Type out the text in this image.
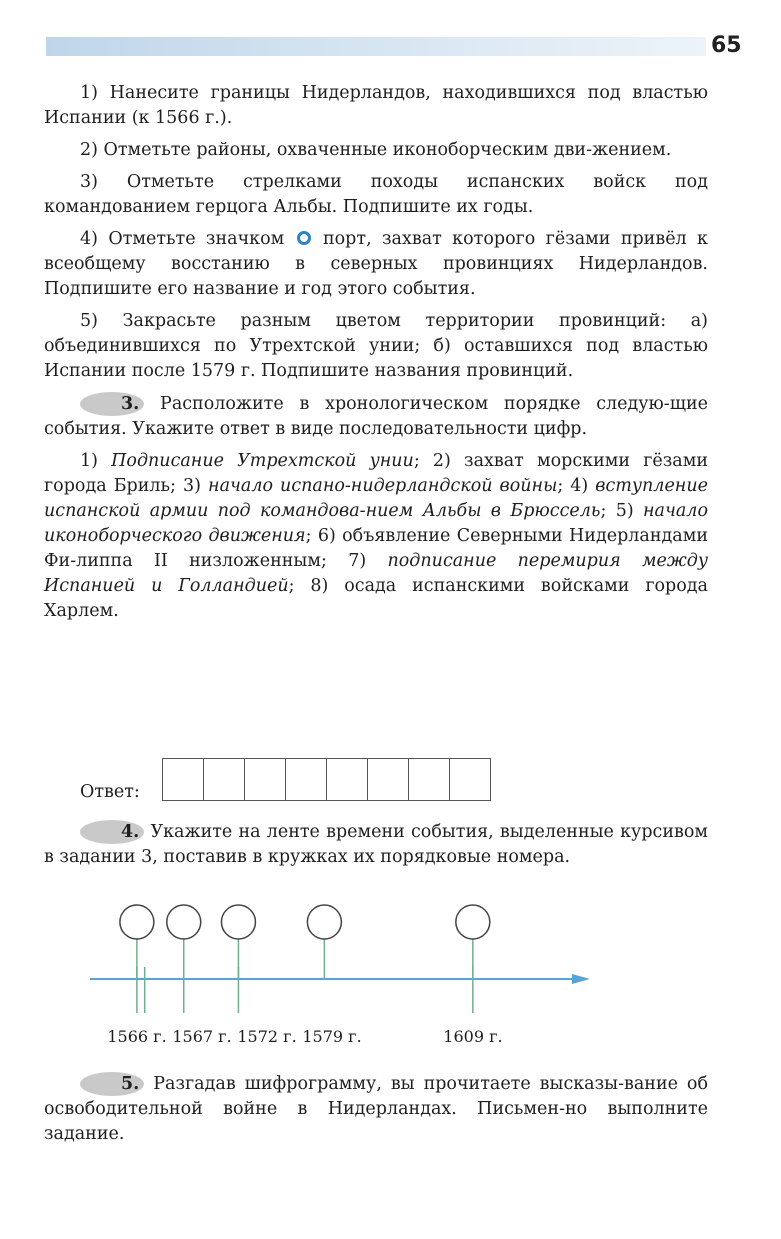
65

1) Нанесите границы Нидерландов, находившихся под властью Испании (к 1566 г.).

2) Отметьте районы, охваченные иконоборческим дви-жением.

3) Отметьте стрелками походы испанских войск под командованием герцога Альбы. Подпишите их годы.

4) Отметьте значком порт, захват которого гёзами привёл к всеобщему восстанию в северных провинциях Нидерландов. Подпишите его название и год этого события.

5) Закрасьте разным цветом территории провинций: а) объединившихся по Утрехтской унии; б) оставшихся под властью Испании после 1579 г. Подпишите названия провинций.

3. Расположите в хронологическом порядке следую-щие события. Укажите ответ в виде последовательности цифр.

1) Подписание Утрехтской унии; 2) захват морскими гёзами города Бриль; 3) начало испано-нидерландской войны; 4) вступление испанской армии под командова-нием Альбы в Брюссель; 5) начало иконоборческого движения; 6) объявление Северными Нидерландами Фи-липпа II низложенным; 7) подписание перемирия между Испанией и Голландией; 8) осада испанскими войсками города Харлем.

Ответ:

4. Укажите на ленте времени события, выделенные курсивом в задании 3, поставив в кружках их порядковые номера.

1566 г. 1567 г. 1572 г. 1579 г.	1609 г.

5. Разгадав шифрограмму, вы прочитаете высказы-вание об освободительной войне в Нидерландах. Письмен-но выполните задание.
